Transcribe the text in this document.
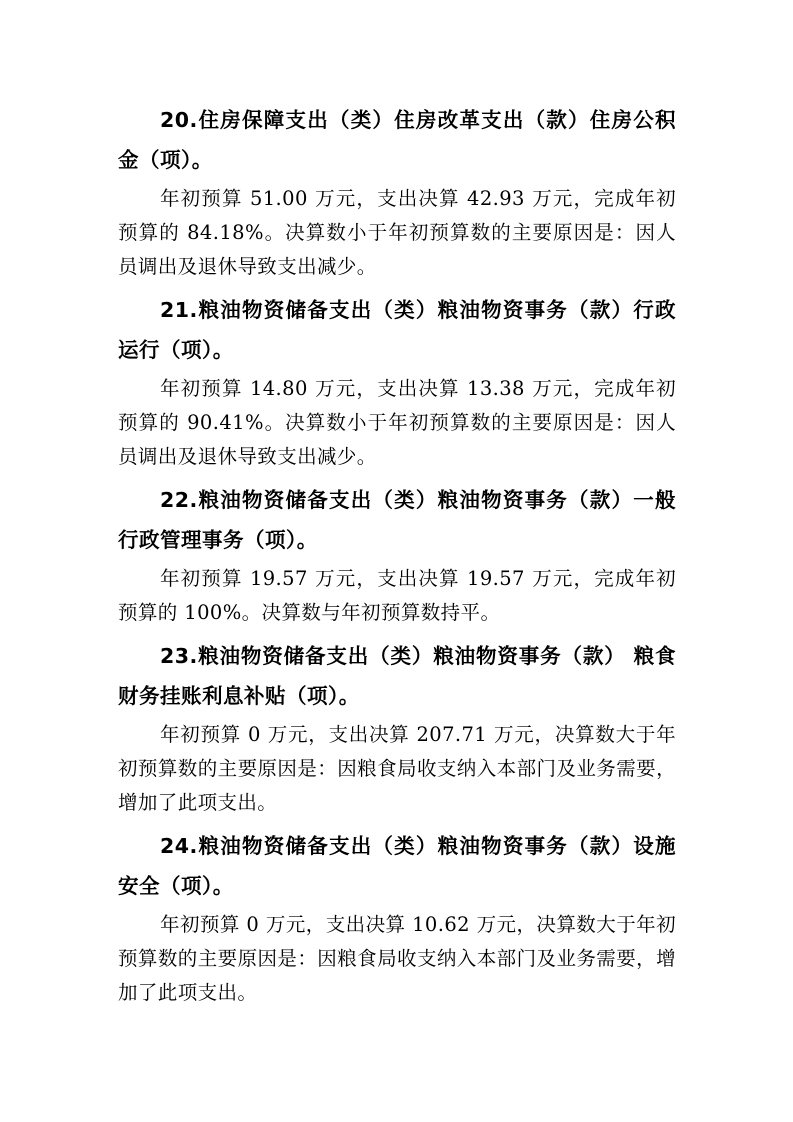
20.住房保障支出（类）住房改革支出（款）住房公积金（项）。

年初预算 51.00 万元，支出决算 42.93 万元，完成年初预算的 84.18%。决算数小于年初预算数的主要原因是：因人员调出及退休导致支出减少。

21.粮油物资储备支出（类）粮油物资事务（款）行政运行（项）。

年初预算 14.80 万元，支出决算 13.38 万元，完成年初预算的 90.41%。决算数小于年初预算数的主要原因是：因人员调出及退休导致支出减少。

22.粮油物资储备支出（类）粮油物资事务（款）一般行政管理事务（项）。

年初预算 19.57 万元，支出决算 19.57 万元，完成年初预算的 100%。决算数与年初预算数持平。

23.粮油物资储备支出（类）粮油物资事务（款） 粮食财务挂账利息补贴（项）。

年初预算 0 万元，支出决算 207.71 万元，决算数大于年初预算数的主要原因是：因粮食局收支纳入本部门及业务需要，增加了此项支出。

24.粮油物资储备支出（类）粮油物资事务（款）设施安全（项）。

年初预算 0 万元，支出决算 10.62 万元，决算数大于年初预算数的主要原因是：因粮食局收支纳入本部门及业务需要，增加了此项支出。
